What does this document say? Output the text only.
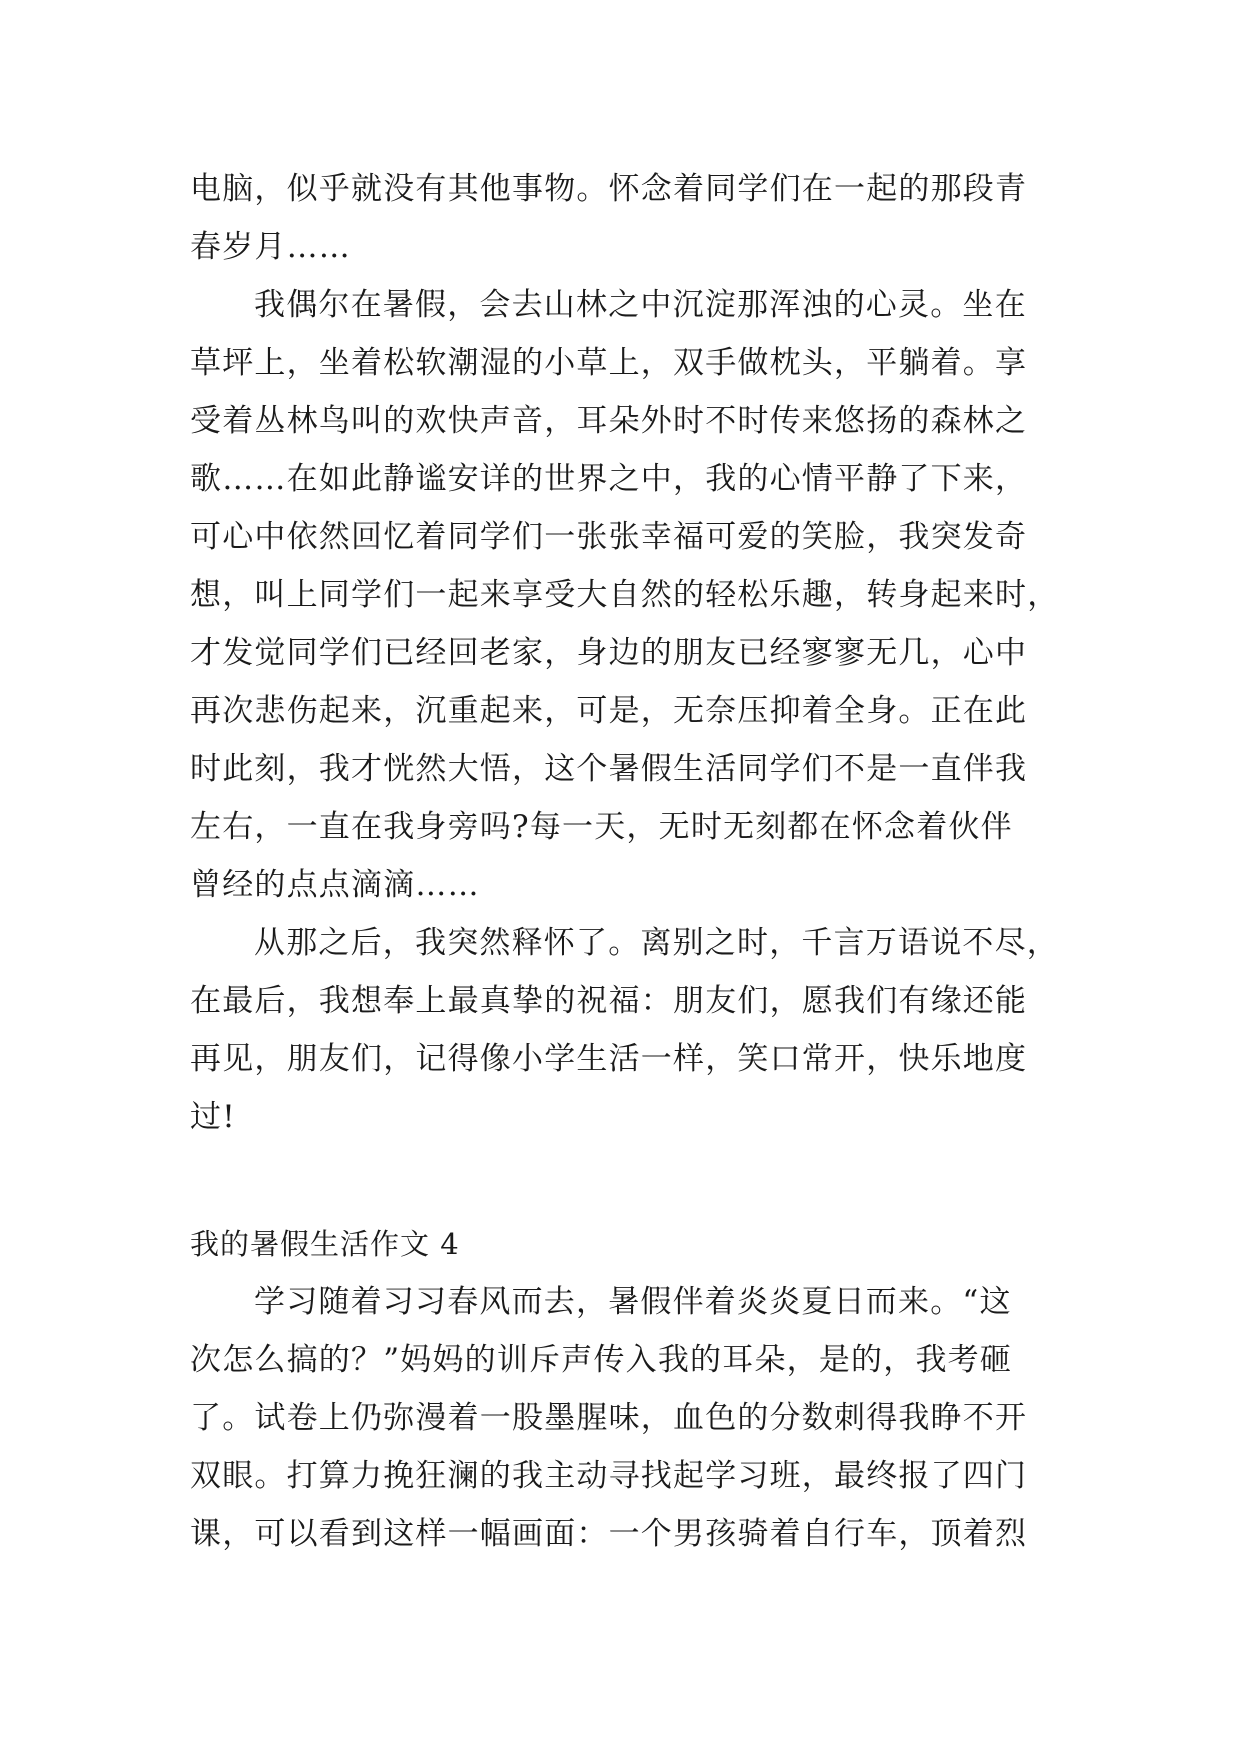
电脑，似乎就没有其他事物。怀念着同学们在一起的那段青
春岁月……
我偶尔在暑假，会去山林之中沉淀那浑浊的心灵。坐在
草坪上，坐着松软潮湿的小草上，双手做枕头，平躺着。享
受着丛林鸟叫的欢快声音，耳朵外时不时传来悠扬的森林之
歌……在如此静谧安详的世界之中，我的心情平静了下来，
可心中依然回忆着同学们一张张幸福可爱的笑脸，我突发奇
想，叫上同学们一起来享受大自然的轻松乐趣，转身起来时，
才发觉同学们已经回老家，身边的朋友已经寥寥无几，心中
再次悲伤起来，沉重起来，可是，无奈压抑着全身。正在此
时此刻，我才恍然大悟，这个暑假生活同学们不是一直伴我
左右，一直在我身旁吗?每一天，无时无刻都在怀念着伙伴
曾经的点点滴滴……
从那之后，我突然释怀了。离别之时，千言万语说不尽，
在最后，我想奉上最真挚的祝福：朋友们，愿我们有缘还能
再见，朋友们，记得像小学生活一样，笑口常开，快乐地度
过!
我的暑假生活作文 4
学习随着习习春风而去，暑假伴着炎炎夏日而来。“这
次怎么搞的？”妈妈的训斥声传入我的耳朵，是的，我考砸
了。试卷上仍弥漫着一股墨腥味，血色的分数刺得我睁不开
双眼。打算力挽狂澜的我主动寻找起学习班，最终报了四门
课，可以看到这样一幅画面：一个男孩骑着自行车，顶着烈
